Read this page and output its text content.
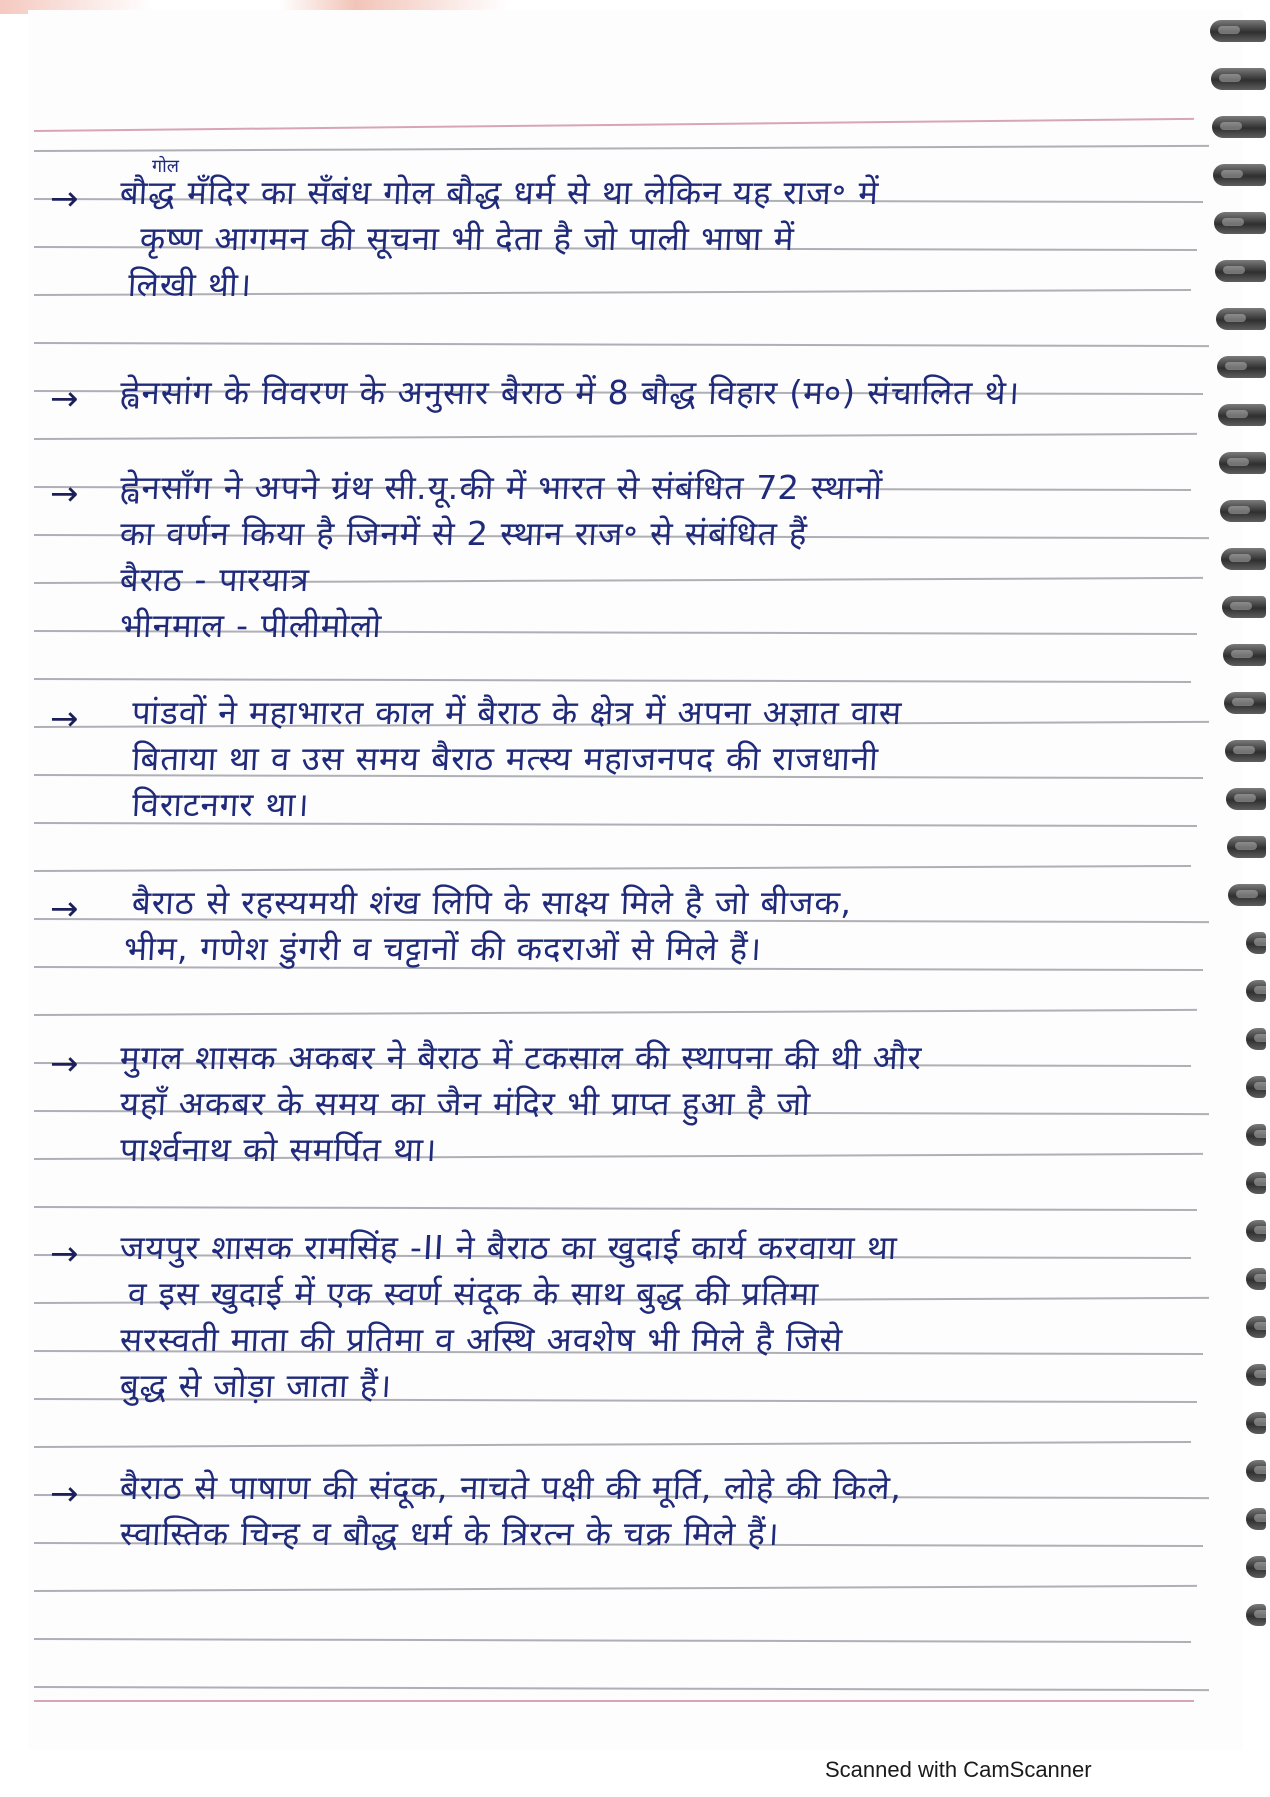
→
गोल
बौद्ध मँदिर का सँबंध गोल बौद्ध धर्म से था लेकिन यह राज॰ में
कृष्ण आगमन की सूचना भी देता है जो पाली भाषा में
लिखी थी।
→	ह्वेनसांग के विवरण के अनुसार बैराठ में 8 बौद्ध विहार (म०) संचालित थे।
→	ह्वेनसाँग ने अपने ग्रंथ सी.यू.की में भारत से संबंधित 72 स्थानों
का वर्णन किया है जिनमें से 2 स्थान राज॰ से संबंधित हैं
बैराठ - पारयात्र
भीनमाल - पीलीमोलो
→	पांडवों ने महाभारत काल में बैराठ के क्षेत्र में अपना अज्ञात वास
बिताया था व उस समय बैराठ मत्स्य महाजनपद की राजधानी
विराटनगर था।
→	बैराठ से रहस्यमयी शंख लिपि के साक्ष्य मिले है जो बीजक,
भीम, गणेश डुंगरी व चट्टानों की कदराओं से मिले हैं।
→	मुगल शासक अकबर ने बैराठ में टकसाल की स्थापना की थी और
यहाँ अकबर के समय का जैन मंदिर भी प्राप्त हुआ है जो
पार्श्वनाथ को समर्पित था।
→	जयपुर शासक रामसिंह -II ने बैराठ का खुदाई कार्य करवाया था
व इस खुदाई में एक स्वर्ण संदूक के साथ बुद्ध की प्रतिमा
सरस्वती माता की प्रतिमा व अस्थि अवशेष भी मिले है जिसे
बुद्ध से जोड़ा जाता हैं।
→	बैराठ से पाषाण की संदूक, नाचते पक्षी की मूर्ति, लोहे की किले,
स्वास्तिक चिन्ह व बौद्ध धर्म के त्रिरत्न के चक्र मिले हैं।
Scanned with CamScanner
